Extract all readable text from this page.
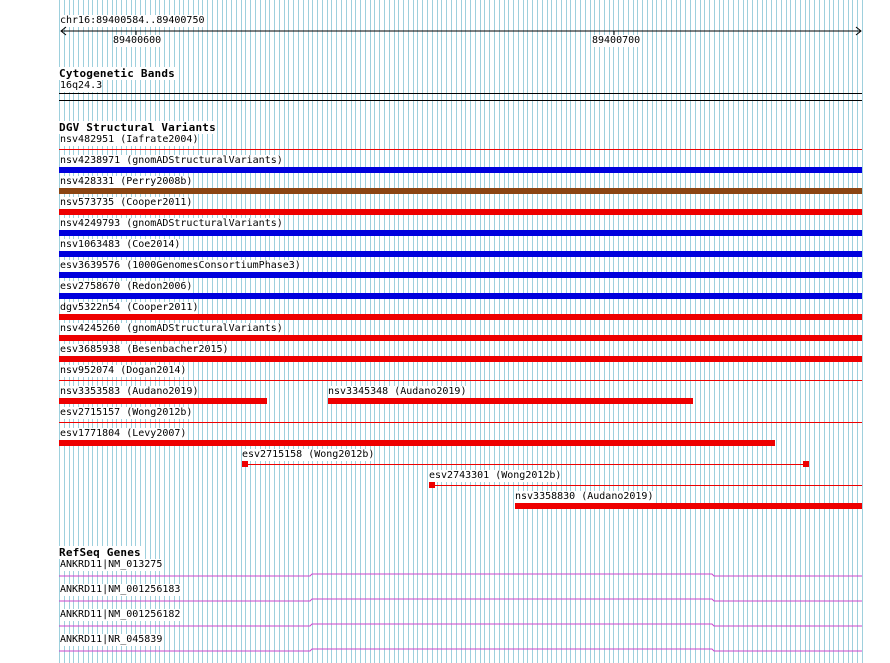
chr16:89400584..89400750
89400600	89400700
Cytogenetic Bands
16q24.3
DGV Structural Variants
nsv482951 (Iafrate2004)
nsv4238971 (gnomADStructuralVariants)
nsv428331 (Perry2008b)
nsv573735 (Cooper2011)
nsv4249793 (gnomADStructuralVariants)
nsv1063483 (Coe2014)
esv3639576 (1000GenomesConsortiumPhase3)
esv2758670 (Redon2006)
dgv5322n54 (Cooper2011)
nsv4245260 (gnomADStructuralVariants)
esv3685938 (Besenbacher2015)
nsv952074 (Dogan2014)
nsv3353583 (Audano2019)	nsv3345348 (Audano2019)
esv2715157 (Wong2012b)
esv1771804 (Levy2007)
esv2715158 (Wong2012b)
esv2743301 (Wong2012b)
nsv3358830 (Audano2019)
RefSeq Genes
ANKRD11|NM_013275
ANKRD11|NM_001256183
ANKRD11|NM_001256182
ANKRD11|NR_045839
